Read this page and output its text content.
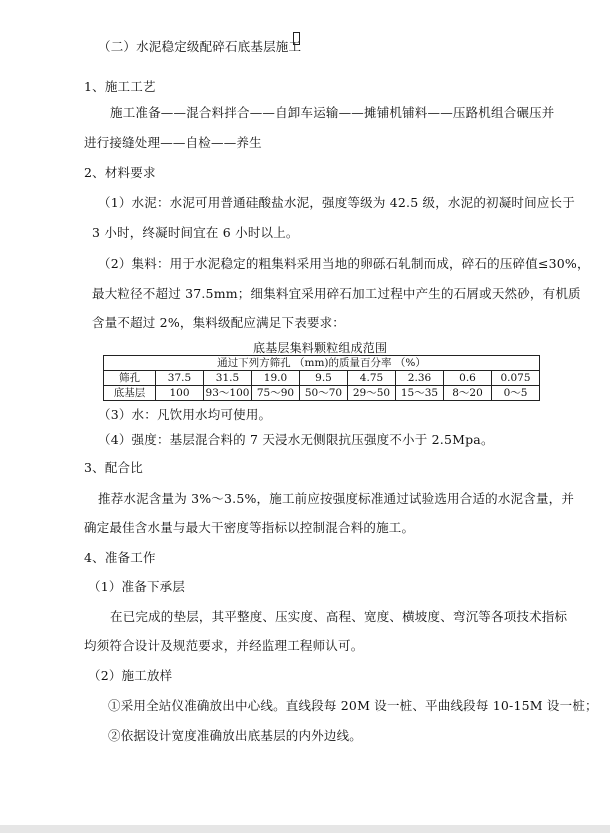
（二）水泥稳定级配碎石底基层施工
1、施工工艺
施工准备——混合料拌合——自卸车运输——摊铺机铺料——压路机组合碾压并
进行接缝处理——自检——养生
2、材料要求
（1）水泥：水泥可用普通硅酸盐水泥，强度等级为 42.5 级，水泥的初凝时间应长于
3 小时，终凝时间宜在 6 小时以上。
（2）集料：用于水泥稳定的粗集料采用当地的卵砾石轧制而成，碎石的压碎值≤30%，
最大粒径不超过 37.5mm；细集料宜采用碎石加工过程中产生的石屑或天然砂，有机质
含量不超过 2%，集料级配应满足下表要求：
底基层集料颗粒组成范围
通过下列方筛孔 （mm)的质量百分率 （%）								
筛孔	37.5	31.5	19.0	9.5	4.75	2.36	0.6	0.075
底基层	100	93～100	75～90	50～70	29～50	15～35	8～20	0～5
（3）水：凡饮用水均可使用。
（4）强度：基层混合料的 7 天浸水无侧限抗压强度不小于 2.5Mpa。
3、配合比
推荐水泥含量为 3%～3.5%，施工前应按强度标准通过试验选用合适的水泥含量，并
确定最佳含水量与最大干密度等指标以控制混合料的施工。
4、准备工作
（1）准备下承层
在已完成的垫层，其平整度、压实度、高程、宽度、横坡度、弯沉等各项技术指标
均须符合设计及规范要求，并经监理工程师认可。
（2）施工放样
①采用全站仪准确放出中心线。直线段每 20M 设一桩、平曲线段每 10-15M 设一桩；
②依据设计宽度准确放出底基层的内外边线。
